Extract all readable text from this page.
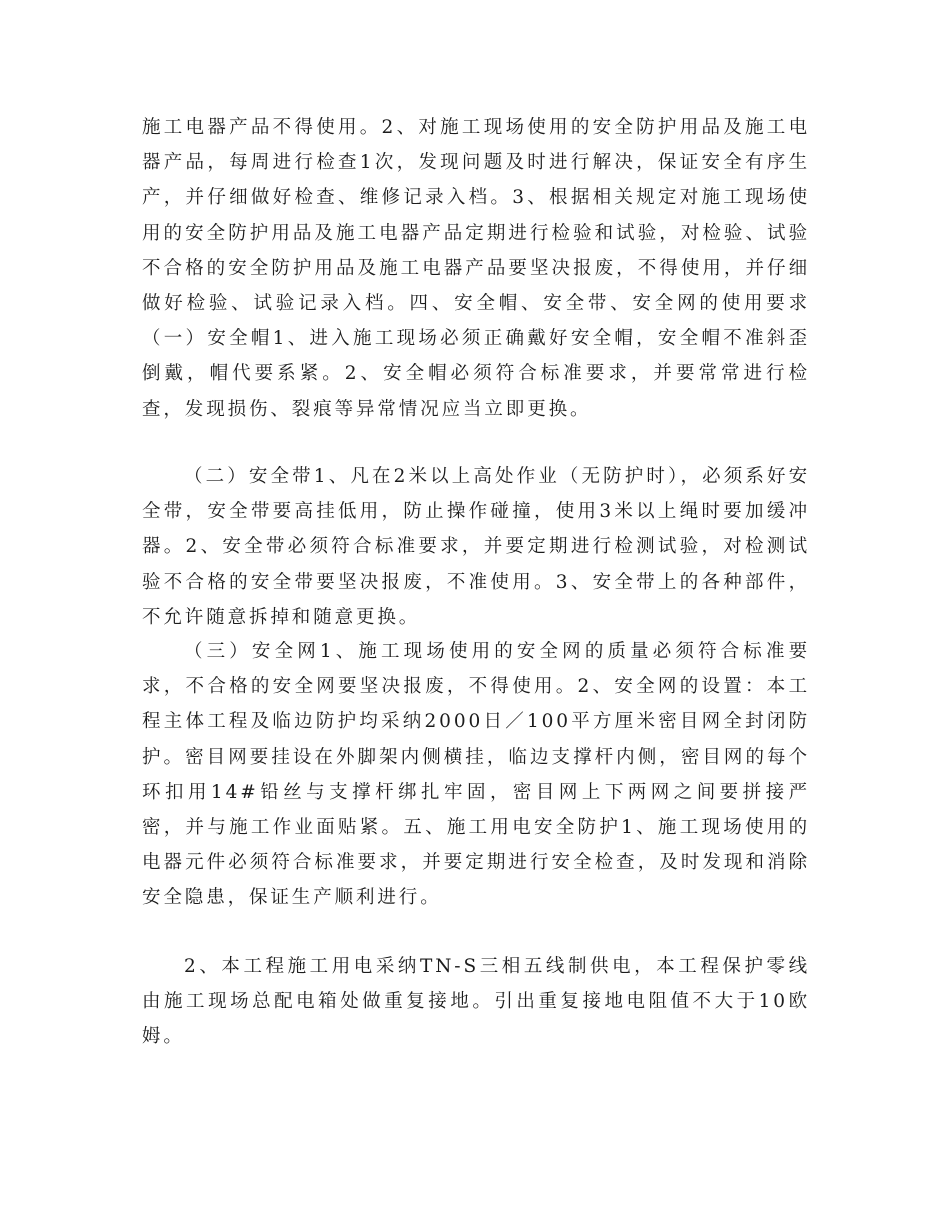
施工电器产品不得使用。2、对施工现场使用的安全防护用品及施工电器产品，每周进行检查1次，发现问题及时进行解决，保证安全有序生产，并仔细做好检查、维修记录入档。3、根据相关规定对施工现场使用的安全防护用品及施工电器产品定期进行检验和试验，对检验、试验不合格的安全防护用品及施工电器产品要坚决报废，不得使用，并仔细做好检验、试验记录入档。四、安全帽、安全带、安全网的使用要求 （一）安全帽1、进入施工现场必须正确戴好安全帽，安全帽不准斜歪倒戴，帽代要系紧。2、安全帽必须符合标准要求，并要常常进行检查，发现损伤、裂痕等异常情况应当立即更换。

（二）安全带1、凡在2米以上高处作业（无防护时），必须系好安全带，安全带要高挂低用，防止操作碰撞，使用3米以上绳时要加缓冲器。2、安全带必须符合标准要求，并要定期进行检测试验，对检测试验不合格的安全带要坚决报废，不准使用。3、安全带上的各种部件，不允许随意拆掉和随意更换。

（三）安全网1、施工现场使用的安全网的质量必须符合标准要求，不合格的安全网要坚决报废，不得使用。2、安全网的设置：本工程主体工程及临边防护均采纳2000日／100平方厘米密目网全封闭防护。密目网要挂设在外脚架内侧横挂，临边支撑杆内侧，密目网的每个环扣用14#铅丝与支撑杆绑扎牢固，密目网上下两网之间要拼接严密，并与施工作业面贴紧。五、施工用电安全防护1、施工现场使用的电器元件必须符合标准要求，并要定期进行安全检查，及时发现和消除安全隐患，保证生产顺利进行。

2、本工程施工用电采纳TN-S三相五线制供电，本工程保护零线由施工现场总配电箱处做重复接地。引出重复接地电阻值不大于10欧姆。
